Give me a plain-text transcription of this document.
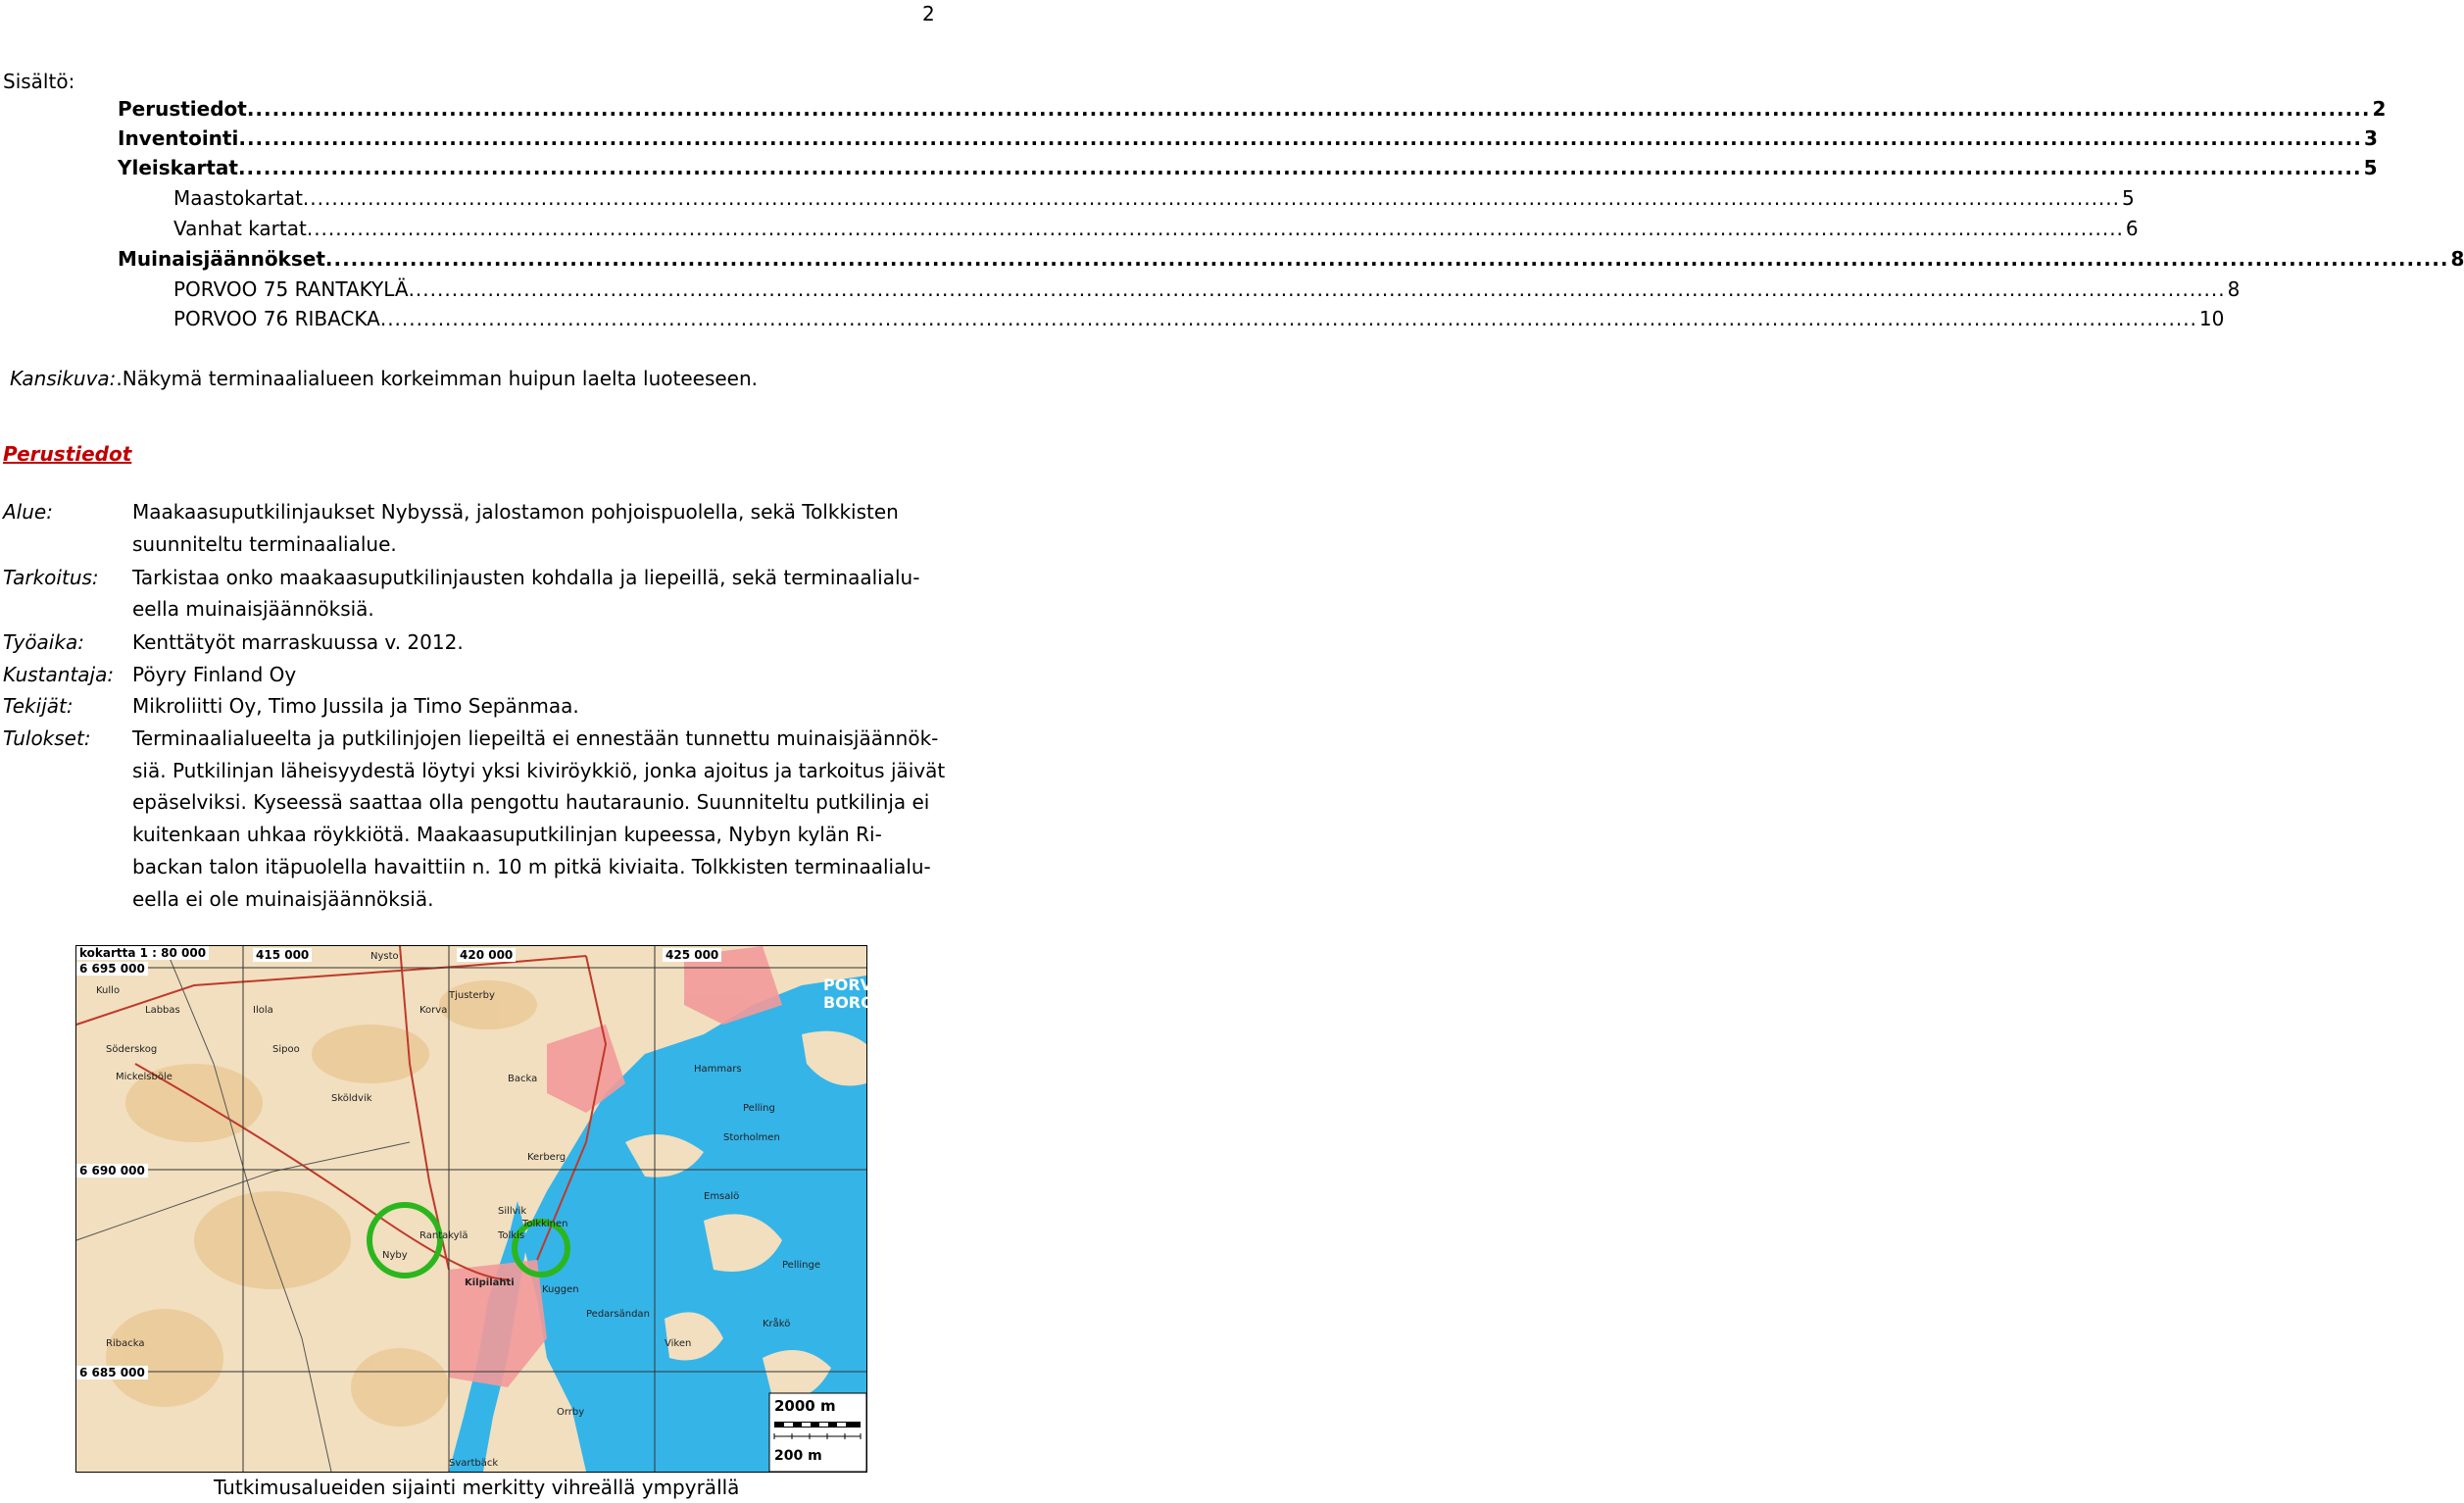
2
Sisältö:
Perustiedot .....	2
Inventointi .....	3
Yleiskartat .....	5
Maastokartat .....	5
Vanhat kartat .....	6
Muinaisjäännökset .....	8
PORVOO 75 RANTAKYLÄ .....	8
PORVOO 76 RIBACKA .....	10
Kansikuva:.Näkymä terminaalialueen korkeimman huipun laelta luoteeseen.
Perustiedot
Alue:	Maakaasuputkilinjaukset Nybyssä, jalostamon pohjoispuolella, sekä Tolkkisten
suunniteltu terminaalialue.
Tarkoitus: Tarkistaa onko maakaasuputkilinjausten kohdalla ja liepeillä, sekä terminaalialu-
eella muinaisjäännöksiä.
Työaika: Kenttätyöt marraskuussa v. 2012.
Kustantaja: Pöyry Finland Oy
Tekijät:	Mikroliitti Oy, Timo Jussila ja Timo Sepänmaa.
Tulokset: Terminaalialueelta ja putkilinjojen liepeiltä ei ennestään tunnettu muinaisjäännök-
siä. Putkilinjan läheisyydestä löytyi yksi kiviröykkiö, jonka ajoitus ja tarkoitus jäivät
epäselviksi. Kyseessä saattaa olla pengottu hautaraunio. Suunniteltu putkilinja ei
kuitenkaan uhkaa röykkiötä. Maakaasuputkilinjan kupeessa, Nybyn kylän Ri-
backan talon itäpuolella havaittiin n. 10 m pitkä kiviaita. Tolkkisten terminaalialu-
eella ei ole muinaisjäännöksiä.
kokartta 1 : 80 000	415 000	420 000	425 000
6 695 000
6 690 000
6 685 000
PORV
BORG
Nysto
Kullo
Labbas
Mickelsböle
Sköldvik
Tolkis
Nyby
Kilpilahti
Söderskog
Rantakylä
Tolkkinen
Sillvik
Kuggen
Emsalö
Pellinge
Hammars
Backa
Korva
Tjusterby
Ilola
Sipoo
Kerberg
Ribacka	Viken
Orrby
Svartbäck
Pedarsändan
Storholmen
Kråkö
Pelling
2000 m
200 m
Tutkimusalueiden sijainti merkitty vihreällä ympyrällä
